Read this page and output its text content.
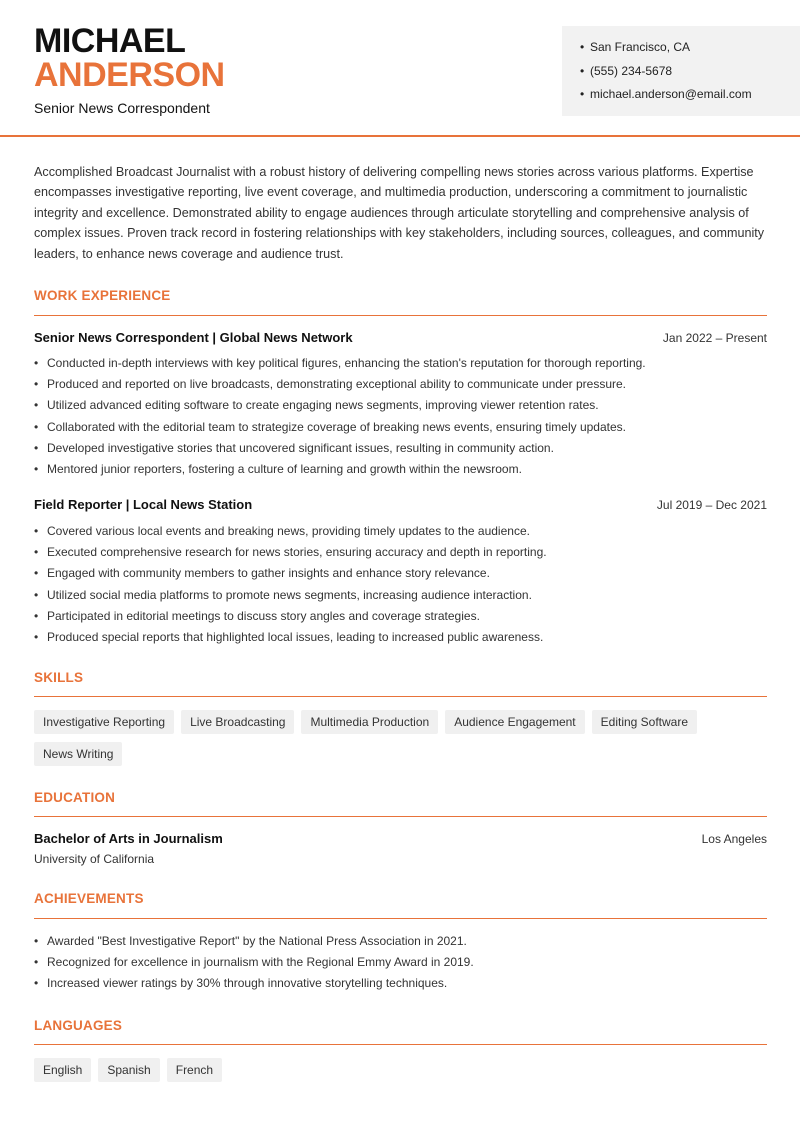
MICHAEL
ANDERSON
Senior News Correspondent
• San Francisco, CA
• (555) 234-5678
• michael.anderson@email.com
Accomplished Broadcast Journalist with a robust history of delivering compelling news stories across various platforms. Expertise encompasses investigative reporting, live event coverage, and multimedia production, underscoring a commitment to journalistic integrity and excellence. Demonstrated ability to engage audiences through articulate storytelling and comprehensive analysis of complex issues. Proven track record in fostering relationships with key stakeholders, including sources, colleagues, and community leaders, to enhance news coverage and audience trust.
WORK EXPERIENCE
Senior News Correspondent | Global News Network	Jan 2022 – Present
• Conducted in-depth interviews with key political figures, enhancing the station's reputation for thorough reporting.
• Produced and reported on live broadcasts, demonstrating exceptional ability to communicate under pressure.
• Utilized advanced editing software to create engaging news segments, improving viewer retention rates.
• Collaborated with the editorial team to strategize coverage of breaking news events, ensuring timely updates.
• Developed investigative stories that uncovered significant issues, resulting in community action.
• Mentored junior reporters, fostering a culture of learning and growth within the newsroom.
Field Reporter | Local News Station	Jul 2019 – Dec 2021
• Covered various local events and breaking news, providing timely updates to the audience.
• Executed comprehensive research for news stories, ensuring accuracy and depth in reporting.
• Engaged with community members to gather insights and enhance story relevance.
• Utilized social media platforms to promote news segments, increasing audience interaction.
• Participated in editorial meetings to discuss story angles and coverage strategies.
• Produced special reports that highlighted local issues, leading to increased public awareness.
SKILLS
Investigative Reporting	Live Broadcasting	Multimedia Production	Audience Engagement	Editing Software
News Writing
EDUCATION
Bachelor of Arts in Journalism	Los Angeles
University of California
ACHIEVEMENTS
• Awarded "Best Investigative Report" by the National Press Association in 2021.
• Recognized for excellence in journalism with the Regional Emmy Award in 2019.
• Increased viewer ratings by 30% through innovative storytelling techniques.
LANGUAGES
English	Spanish	French
